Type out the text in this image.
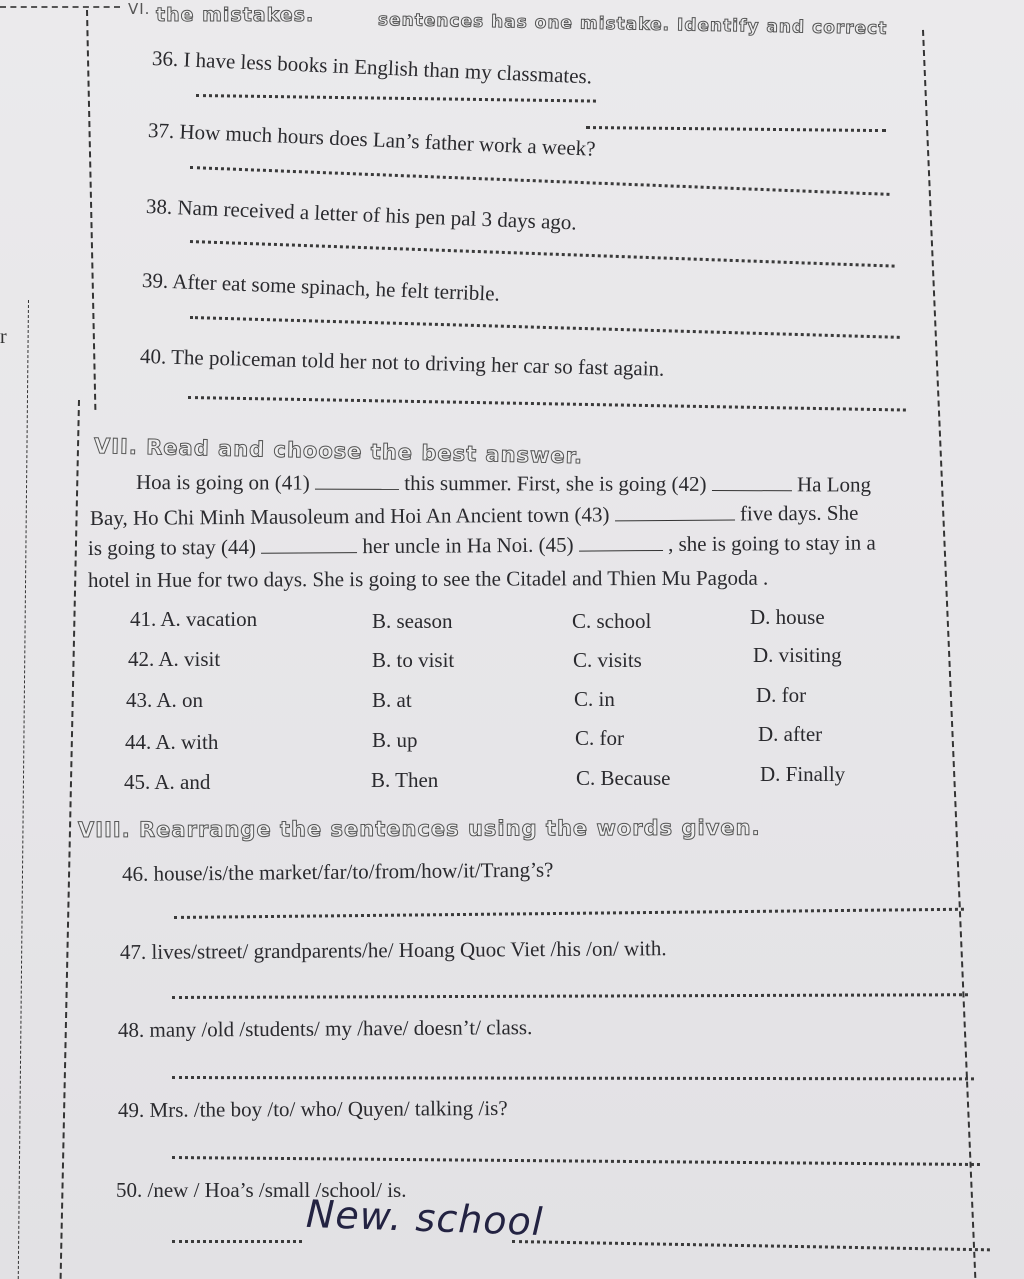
r
VI. the mistakes.	sentences has one mistake. Identify and correct
36. I have less books in English than my classmates.
37. How much hours does Lan’s father work a week?
38. Nam received a letter of his pen pal 3 days ago.
39. After eat some spinach, he felt terrible.
40. The policeman told her not to driving her car so fast again.
VII. Read and choose the best answer.
Hoa is going on (41)	this summer. First, she is going (42)	Ha Long
Bay, Ho Chi Minh Mausoleum and Hoi An Ancient town (43)	five days. She
is going to stay (44)	her uncle in Ha Noi. (45)	, she is going to stay in a
hotel in Hue for two days. She is going to see the Citadel and Thien Mu Pagoda .
41. A. vacation	B. season	C. school	D. house
42. A. visit	B. to visit	C. visits	D. visiting
43. A. on	B. at	C. in	D. for
44. A. with	B. up	C. for	D. after
45. A. and	B. Then	C. Because	D. Finally
VIII. Rearrange the sentences using the words given.
46. house/is/the market/far/to/from/how/it/Trang’s?
47. lives/street/ grandparents/he/ Hoang Quoc Viet /his /on/ with.
48. many /old /students/ my /have/ doesn’t/ class.
49. Mrs. /the boy /to/ who/ Quyen/ talking /is?
50. /new / Hoa’s /small /school/ is.
New. school
